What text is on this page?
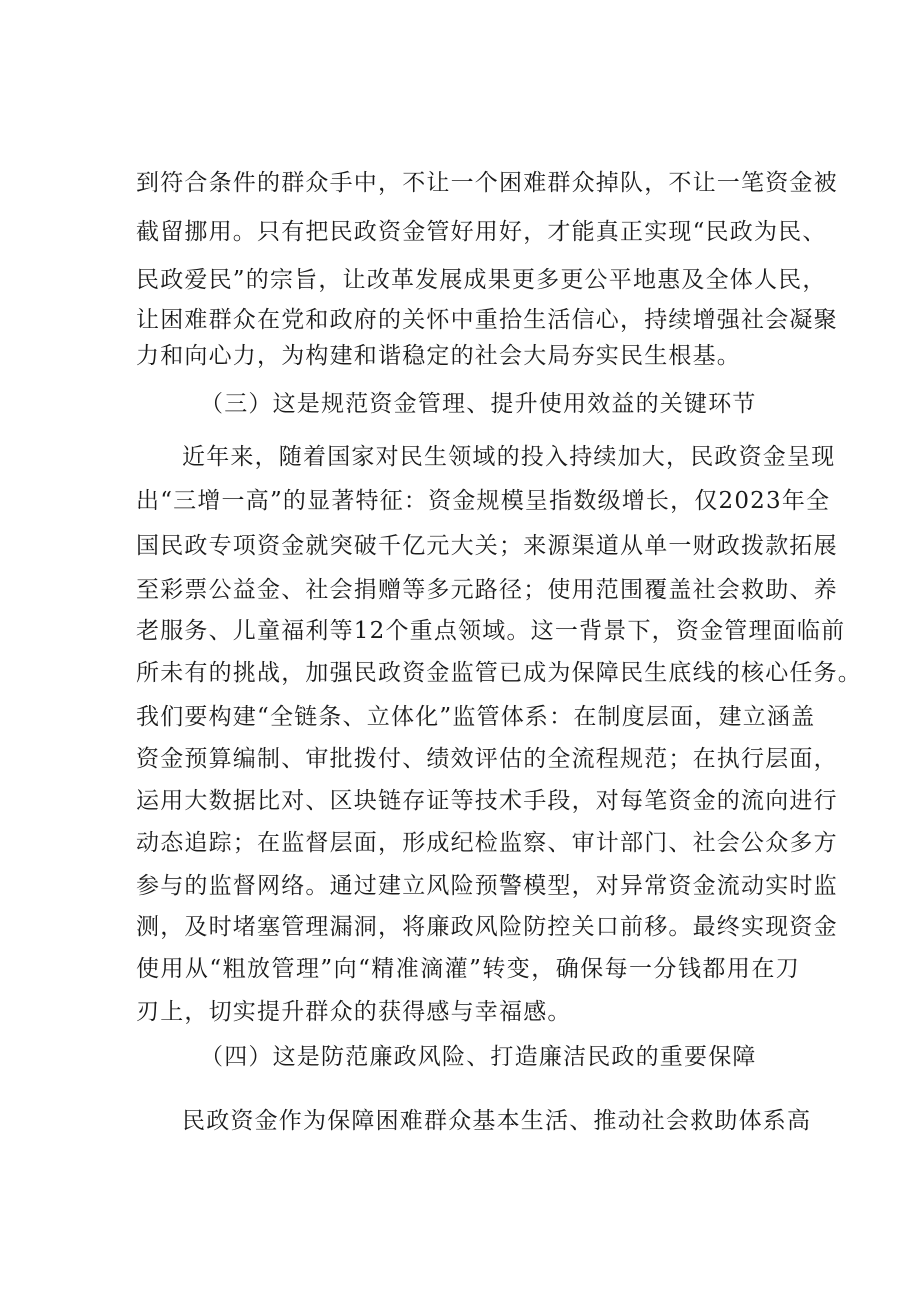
到符合条件的群众手中，不让一个困难群众掉队，不让一笔资金被
截留挪用。只有把民政资金管好用好，才能真正实现“民政为民、
民政爱民”的宗旨，让改革发展成果更多更公平地惠及全体人民，
让困难群众在党和政府的关怀中重拾生活信心，持续增强社会凝聚
力和向心力，为构建和谐稳定的社会大局夯实民生根基。
（三）这是规范资金管理、提升使用效益的关键环节
近年来，随着国家对民生领域的投入持续加大，民政资金呈现
出“三增一高”的显著特征：资金规模呈指数级增长，仅2023年全
国民政专项资金就突破千亿元大关；来源渠道从单一财政拨款拓展
至彩票公益金、社会捐赠等多元路径；使用范围覆盖社会救助、养
老服务、儿童福利等12个重点领域。这一背景下，资金管理面临前
所未有的挑战，加强民政资金监管已成为保障民生底线的核心任务。
我们要构建“全链条、立体化”监管体系：在制度层面，建立涵盖
资金预算编制、审批拨付、绩效评估的全流程规范；在执行层面，
运用大数据比对、区块链存证等技术手段，对每笔资金的流向进行
动态追踪；在监督层面，形成纪检监察、审计部门、社会公众多方
参与的监督网络。通过建立风险预警模型，对异常资金流动实时监
测，及时堵塞管理漏洞，将廉政风险防控关口前移。最终实现资金
使用从“粗放管理”向“精准滴灌”转变，确保每一分钱都用在刀
刃上，切实提升群众的获得感与幸福感。
（四）这是防范廉政风险、打造廉洁民政的重要保障
民政资金作为保障困难群众基本生活、推动社会救助体系高
